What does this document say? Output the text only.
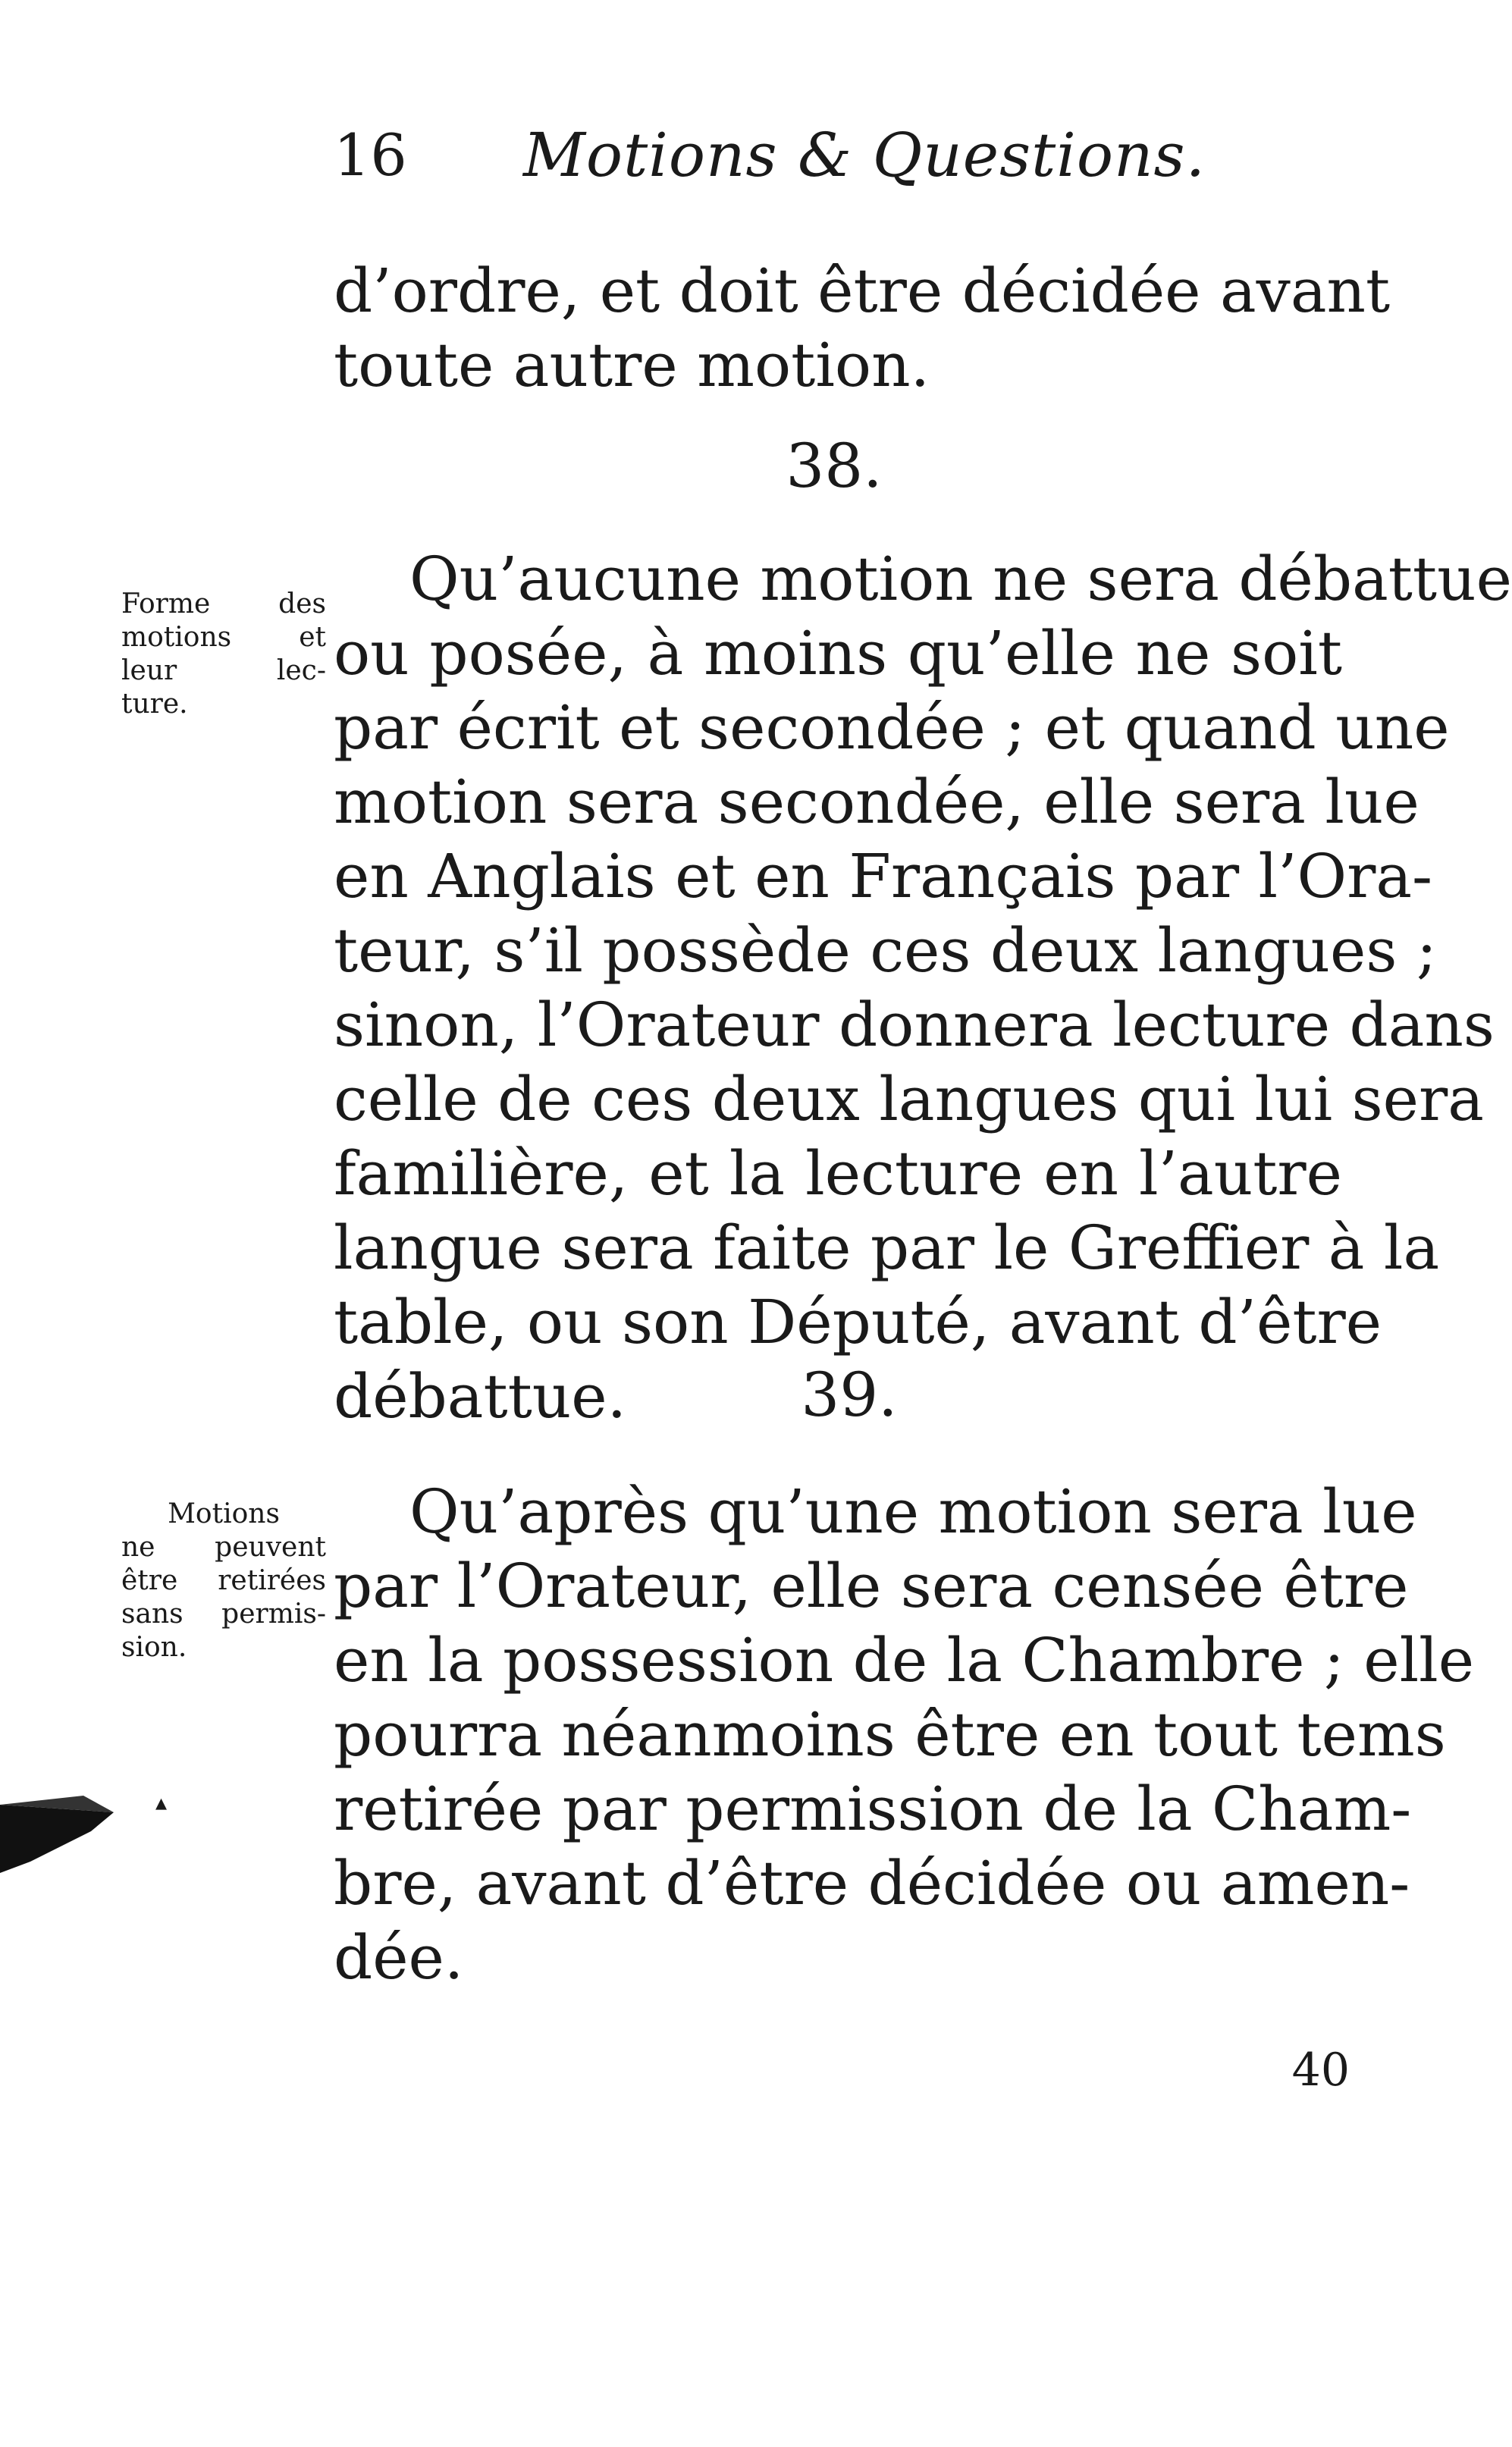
16 Motions & Questions.
d’ordre, et doit être décidée avant
toute autre motion.
38.
Forme des
motions et
leur lec-
ture.
Qu’aucune motion ne sera débattue
ou posée, à moins qu’elle ne soit
par écrit et secondée ; et quand une
motion sera secondée, elle sera lue
en Anglais et en Français par l’Ora-
teur, s’il possède ces deux langues ;
sinon, l’Orateur donnera lecture dans
celle de ces deux langues qui lui sera
familière, et la lecture en l’autre
langue sera faite par le Greffier à la
table, ou son Député, avant d’être
débattue.	39.
Motions
ne peuvent
être retirées
sans permis-
sion.
Qu’après qu’une motion sera lue
par l’Orateur, elle sera censée être
en la possession de la Chambre ; elle
pourra néanmoins être en tout tems
retirée par permission de la Cham-
bre, avant d’être décidée ou amen-
dée.
▴
40
